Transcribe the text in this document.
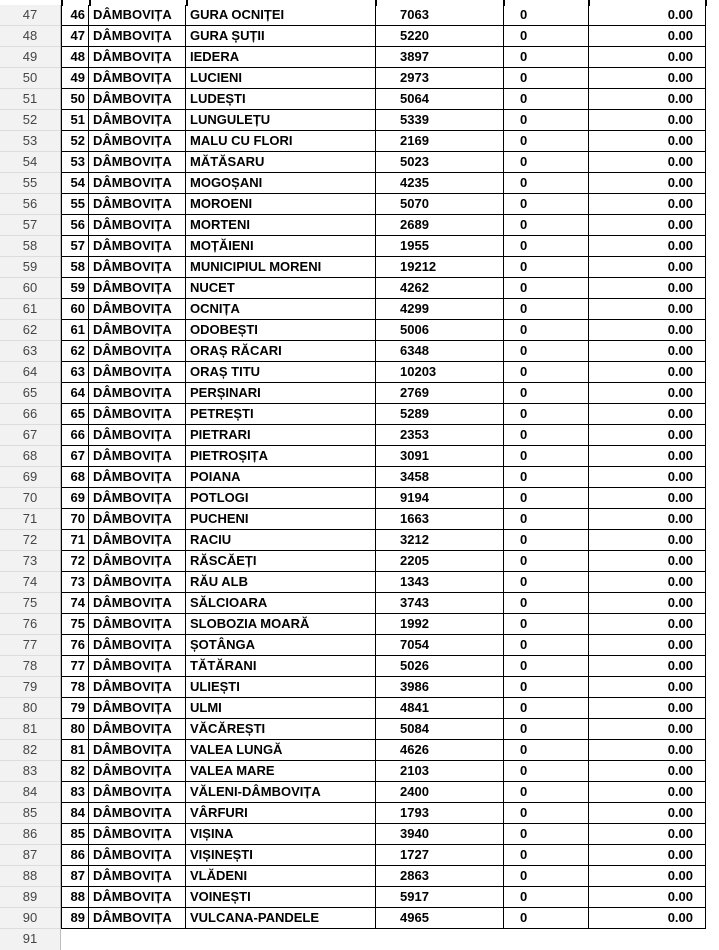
47	46 DÂMBOVIȚA	GURA OCNIȚEI	7063	0	0.00
48	47 DÂMBOVIȚA	GURA ȘUȚII	5220	0	0.00
49	48 DÂMBOVIȚA	IEDERA	3897	0	0.00
50	49 DÂMBOVIȚA	LUCIENI	2973	0	0.00
51	50 DÂMBOVIȚA	LUDEȘTI	5064	0	0.00
52	51 DÂMBOVIȚA	LUNGULEȚU	5339	0	0.00
53	52 DÂMBOVIȚA	MALU CU FLORI	2169	0	0.00
54	53 DÂMBOVIȚA	MĂTĂSARU	5023	0	0.00
55	54 DÂMBOVIȚA	MOGOȘANI	4235	0	0.00
56	55 DÂMBOVIȚA	MOROENI	5070	0	0.00
57	56 DÂMBOVIȚA	MORTENI	2689	0	0.00
58	57 DÂMBOVIȚA	MOȚĂIENI	1955	0	0.00
59	58 DÂMBOVIȚA	MUNICIPIUL MORENI	19212	0	0.00
60	59 DÂMBOVIȚA	NUCET	4262	0	0.00
61	60 DÂMBOVIȚA	OCNIȚA	4299	0	0.00
62	61 DÂMBOVIȚA	ODOBEȘTI	5006	0	0.00
63	62 DÂMBOVIȚA	ORAȘ RĂCARI	6348	0	0.00
64	63 DÂMBOVIȚA	ORAȘ TITU	10203	0	0.00
65	64 DÂMBOVIȚA	PERȘINARI	2769	0	0.00
66	65 DÂMBOVIȚA	PETREȘTI	5289	0	0.00
67	66 DÂMBOVIȚA	PIETRARI	2353	0	0.00
68	67 DÂMBOVIȚA	PIETROȘIȚA	3091	0	0.00
69	68 DÂMBOVIȚA	POIANA	3458	0	0.00
70	69 DÂMBOVIȚA	POTLOGI	9194	0	0.00
71	70 DÂMBOVIȚA	PUCHENI	1663	0	0.00
72	71 DÂMBOVIȚA	RACIU	3212	0	0.00
73	72 DÂMBOVIȚA	RĂSCĂEȚI	2205	0	0.00
74	73 DÂMBOVIȚA	RĂU ALB	1343	0	0.00
75	74 DÂMBOVIȚA	SĂLCIOARA	3743	0	0.00
76	75 DÂMBOVIȚA	SLOBOZIA MOARĂ	1992	0	0.00
77	76 DÂMBOVIȚA	ȘOTÂNGA	7054	0	0.00
78	77 DÂMBOVIȚA	TĂTĂRANI	5026	0	0.00
79	78 DÂMBOVIȚA	ULIEȘTI	3986	0	0.00
80	79 DÂMBOVIȚA	ULMI	4841	0	0.00
81	80 DÂMBOVIȚA	VĂCĂREȘTI	5084	0	0.00
82	81 DÂMBOVIȚA	VALEA LUNGĂ	4626	0	0.00
83	82 DÂMBOVIȚA	VALEA MARE	2103	0	0.00
84	83 DÂMBOVIȚA	VĂLENI-DÂMBOVIȚA	2400	0	0.00
85	84 DÂMBOVIȚA	VÂRFURI	1793	0	0.00
86	85 DÂMBOVIȚA	VIȘINA	3940	0	0.00
87	86 DÂMBOVIȚA	VIȘINEȘTI	1727	0	0.00
88	87 DÂMBOVIȚA	VLĂDENI	2863	0	0.00
89	88 DÂMBOVIȚA	VOINEȘTI	5917	0	0.00
90	89 DÂMBOVIȚA	VULCANA-PANDELE	4965	0	0.00
91
